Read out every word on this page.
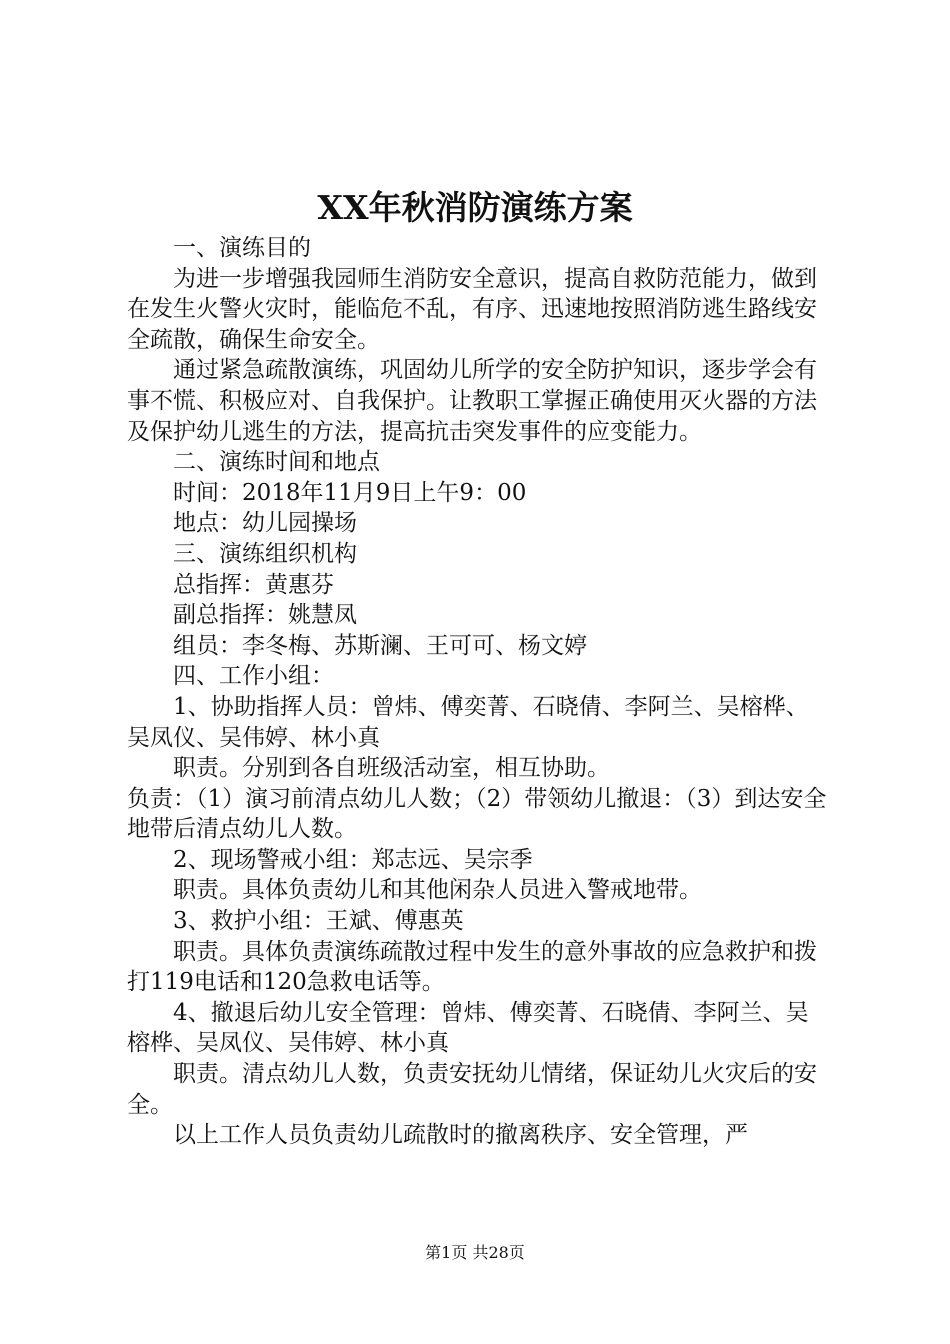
XX年秋消防演练方案

一、演练目的

为进一步增强我园师生消防安全意识，提高自救防范能力，做到在发生火警火灾时，能临危不乱，有序、迅速地按照消防逃生路线安全疏散，确保生命安全。

通过紧急疏散演练，巩固幼儿所学的安全防护知识，逐步学会有事不慌、积极应对、自我保护。让教职工掌握正确使用灭火器的方法及保护幼儿逃生的方法，提高抗击突发事件的应变能力。

二、演练时间和地点

时间：2018年11月9日上午9：00

地点：幼儿园操场

三、演练组织机构

总指挥：黄惠芬

副总指挥：姚慧凤

组员：李冬梅、苏斯澜、王可可、杨文婷

四、工作小组：

1、协助指挥人员：曾炜、傅奕菁、石晓倩、李阿兰、吴榕桦、吴凤仪、吴伟婷、林小真

职责。分别到各自班级活动室，相互协助。

负责：（1）演习前清点幼儿人数；（2）带领幼儿撤退：（3）到达安全地带后清点幼儿人数。

2、现场警戒小组：郑志远、吴宗季

职责。具体负责幼儿和其他闲杂人员进入警戒地带。

3、救护小组：王斌、傅惠英

职责。具体负责演练疏散过程中发生的意外事故的应急救护和拨打119电话和120急救电话等。

4、撤退后幼儿安全管理：曾炜、傅奕菁、石晓倩、李阿兰、吴榕桦、吴凤仪、吴伟婷、林小真

职责。清点幼儿人数，负责安抚幼儿情绪，保证幼儿火灾后的安全。

以上工作人员负责幼儿疏散时的撤离秩序、安全管理，严

第1页 共28页
